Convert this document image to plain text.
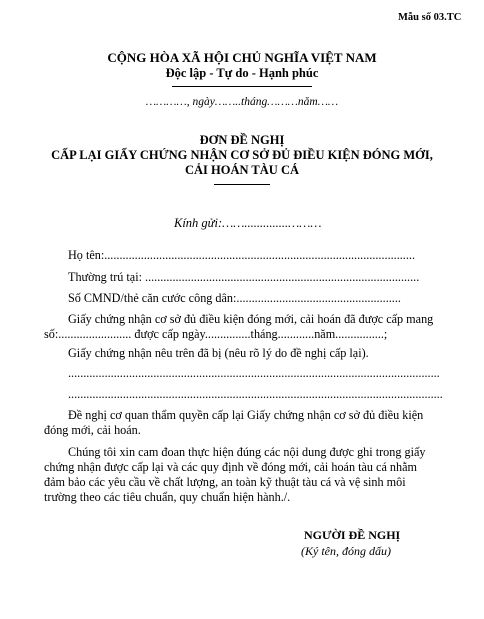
Mẫu số 03.TC
CỘNG HÒA XÃ HỘI CHỦ NGHĨA VIỆT NAM
Độc lập - Tự do - Hạnh phúc
…………, ngày……..tháng………năm……
ĐƠN ĐỀ NGHỊ
CẤP LẠI GIẤY CHỨNG NHẬN CƠ SỞ ĐỦ ĐIỀU KIỆN ĐÓNG MỚI,
CẢI HOÁN TÀU CÁ
Kính gửi:……..............………
Họ tên:......................................................................................................
Thường trú tại: ..........................................................................................
Số CMND/thẻ căn cước công dân:......................................................
Giấy chứng nhận cơ sở đủ điều kiện đóng mới, cải hoán đã được cấp mang
số:........................ được cấp ngày...............tháng............năm................;
Giấy chứng nhận nêu trên đã bị (nêu rõ lý do đề nghị cấp lại).
..........................................................................................................................
...........................................................................................................................
Đề nghị cơ quan thẩm quyền cấp lại Giấy chứng nhận cơ sở đủ điều kiện
đóng mới, cải hoán.
Chúng tôi xin cam đoan thực hiện đúng các nội dung được ghi trong giấy
chứng nhận được cấp lại và các quy định về đóng mới, cải hoán tàu cá nhằm
đảm bảo các yêu cầu về chất lượng, an toàn kỹ thuật tàu cá và vệ sinh môi
trường theo các tiêu chuẩn, quy chuẩn hiện hành./.
NGƯỜI ĐỀ NGHỊ
(Ký tên, đóng dấu)
